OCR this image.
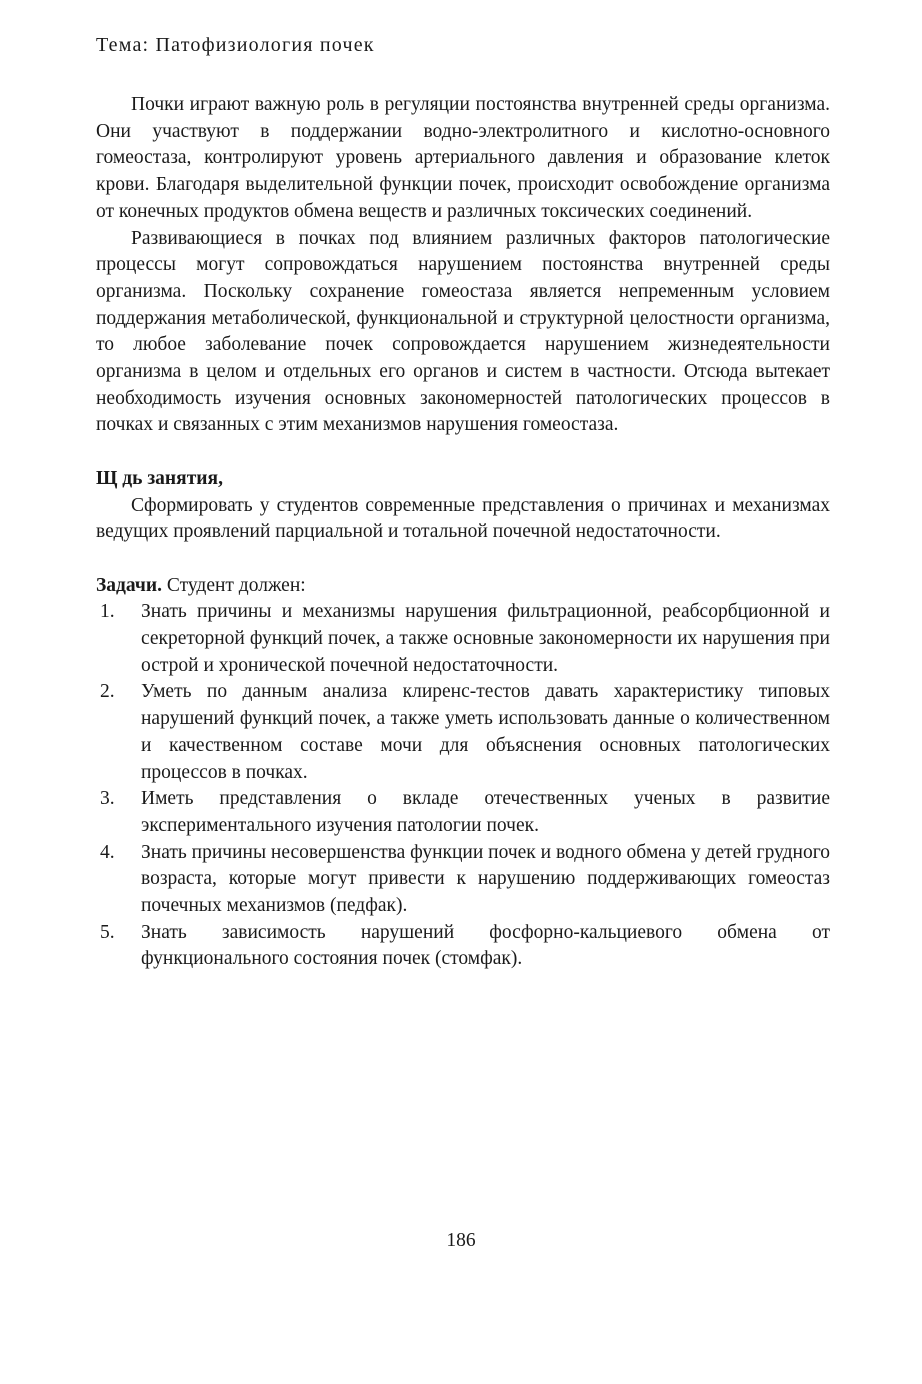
Тема: Патофизиология почек

Почки играют важную роль в регуляции постоянства внутренней среды организма. Они участвуют в поддержании водно-электролитного и кислотно-основного гомеостаза, контролируют уровень артериального давления и образование клеток крови. Благодаря выделительной функции почек, происходит освобождение организма от конечных продуктов обмена веществ и различных токсических соединений.

Развивающиеся в почках под влиянием различных факторов патологические процессы могут сопровождаться нарушением постоянства внутренней среды организма. Поскольку сохранение гомеостаза является непременным условием поддержания метаболической, функциональной и структурной целостности организма, то любое заболевание почек сопровождается нарушением жизнедеятельности организма в целом и отдельных его органов и систем в частности. Отсюда вытекает необходимость изучения основных закономерностей патологических процессов в почках и связанных с этим механизмов нарушения гомеостаза.

Щ дь занятия,
Сформировать у студентов современные представления о причинах и механизмах ведущих проявлений парциальной и тотальной почечной недостаточности.
Задачи. Студент должен:
1. Знать причины и механизмы нарушения фильтрационной, реабсорбционной и секреторной функций почек, а также основные закономерности их нарушения при острой и хронической почечной недостаточности.
2. Уметь по данным анализа клиренс-тестов давать характеристику типовых нарушений функций почек, а также уметь использовать данные о количественном и качественном составе мочи для объяснения основных патологических процессов в почках.
3. Иметь представления о вкладе отечественных ученых в развитие экспериментального изучения патологии почек.
4. Знать причины несовершенства функции почек и водного обмена у детей грудного возраста, которые могут привести к нарушению поддерживающих гомеостаз почечных механизмов (педфак).
5. Знать зависимость нарушений фосфорно-кальциевого обмена от функционального состояния почек (стомфак).
186
